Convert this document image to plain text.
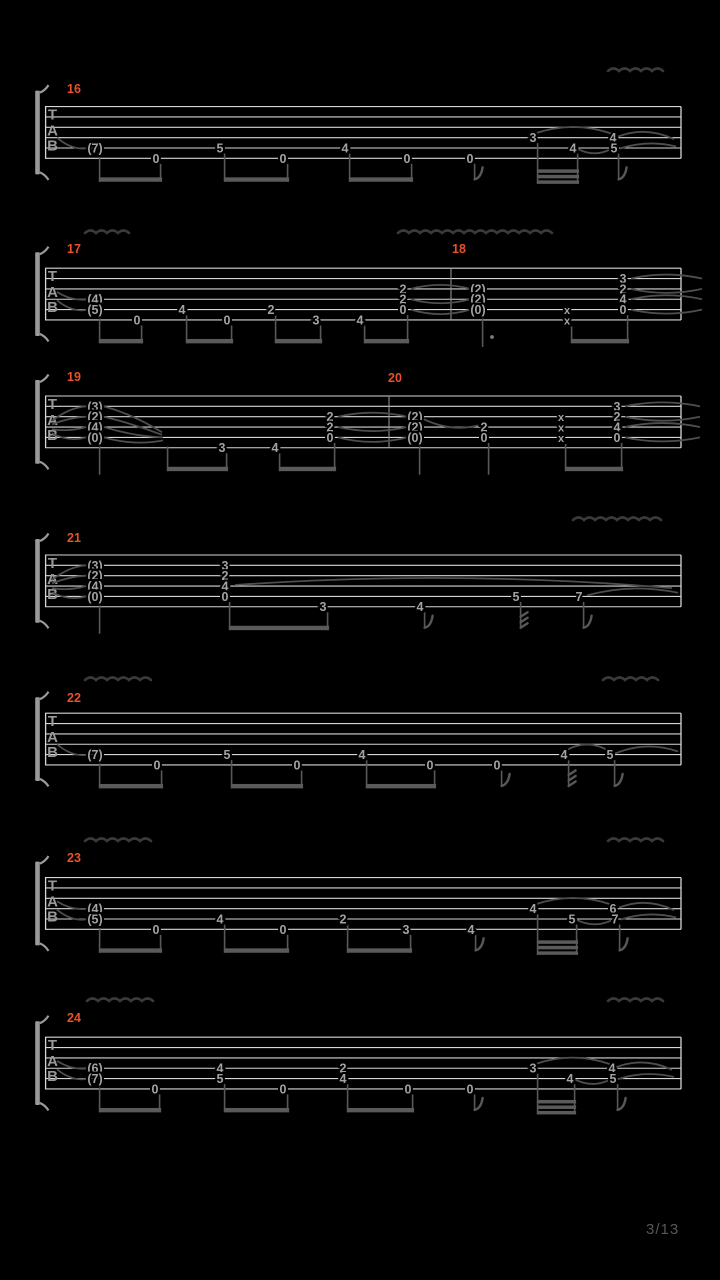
T
A
B (7)
0
5
0
4
0	0
3
4
4
5
16
T
A
B (4)
(5)
0
4
0
2
3	4
2
2
0
(2)
(2)
(0)	x
x
3
2
4
0
17	18
T
A
B
(3)
(2)
(4)
(0)
3	4
2
2
0
(2)
(2)
(0)
2
0
x
x
x
3
2
4
0
19	20
T
A
B
(3)
(2)
(4)
(0)
3
2
4
0
3	4
5	7
21
T
A
B (7)
0
5
0
4
0	0
4	5
22
T
A
B (4)
(5)
0
4
0
2
3	4
4
5
6
7
23
T
A
B (6)
(7)
0
4
5
0
2
4
0	0
3
4
4
5
24
3/13
